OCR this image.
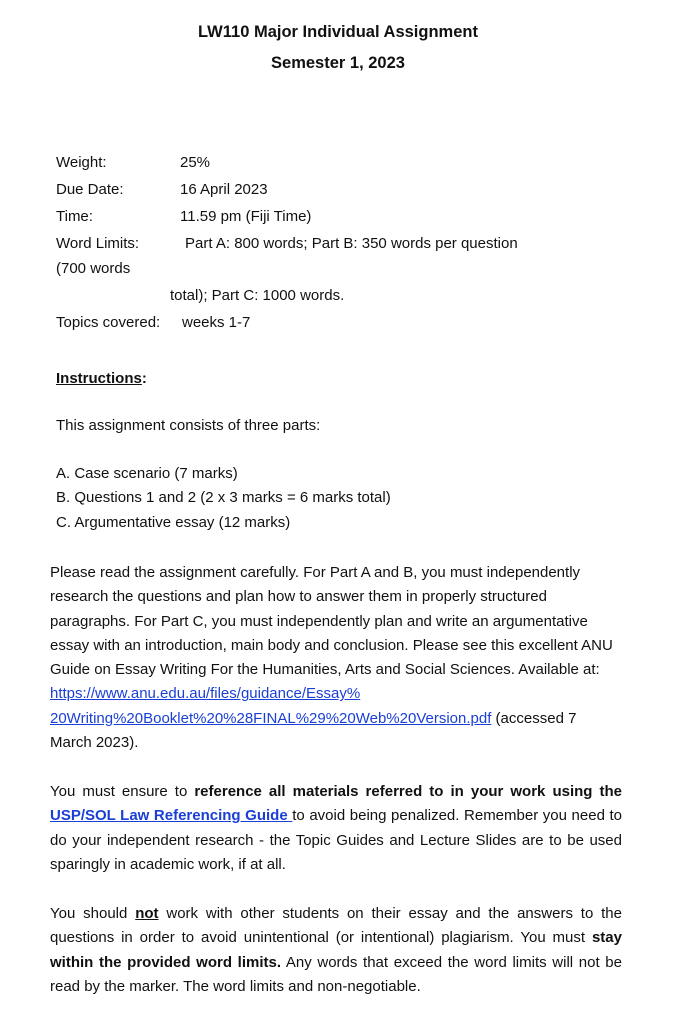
LW110 Major Individual Assignment
Semester 1, 2023
Weight:	25%
Due Date:	16 April 2023
Time:	11.59 pm (Fiji Time)
Word Limits:	Part A: 800 words; Part B: 350 words per question
(700 words
total); Part C: 1000 words.
Topics covered: weeks 1-7
Instructions:
This assignment consists of three parts:
A. Case scenario (7 marks)
B. Questions 1 and 2 (2 x 3 marks = 6 marks total)
C. Argumentative essay (12 marks)
Please read the assignment carefully. For Part A and B, you must independently research the questions and plan how to answer them in properly structured paragraphs. For Part C, you must independently plan and write an argumentative essay with an introduction, main body and conclusion. Please see this excellent ANU Guide on Essay Writing For the Humanities, Arts and Social Sciences. Available at: https://www.anu.edu.au/files/guidance/Essay%
20Writing%20Booklet%20%28FINAL%29%20Web%20Version.pdf (accessed 7 March 2023).
You must ensure to reference all materials referred to in your work using the USP/SOL Law Referencing Guide to avoid being penalized. Remember you need to do your independent research - the Topic Guides and Lecture Slides are to be used sparingly in academic work, if at all.
You should not work with other students on their essay and the answers to the questions in order to avoid unintentional (or intentional) plagiarism. You must stay within the provided word limits. Any words that exceed the word limits will not be read by the marker. The word limits and non-negotiable.
